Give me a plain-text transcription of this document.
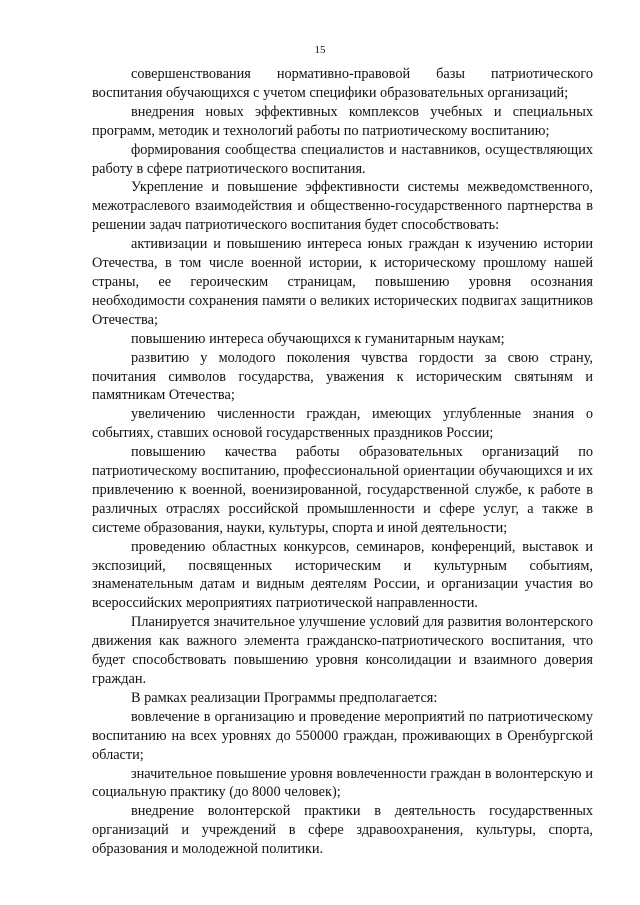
15

совершенствования нормативно-правовой базы патриотического воспитания обучающихся с учетом специфики образовательных организаций;

внедрения новых эффективных комплексов учебных и специальных программ, методик и технологий работы по патриотическому воспитанию;

формирования сообщества специалистов и наставников, осуществляющих работу в сфере патриотического воспитания.

Укрепление и повышение эффективности системы межведомственного, межотраслевого взаимодействия и общественно-государственного партнерства в решении задач патриотического воспитания будет способствовать:

активизации и повышению интереса юных граждан к изучению истории Отечества, в том числе военной истории, к историческому прошлому нашей страны, ее героическим страницам, повышению уровня осознания необходимости сохранения памяти о великих исторических подвигах защитников Отечества;

повышению интереса обучающихся к гуманитарным наукам;

развитию у молодого поколения чувства гордости за свою страну, почитания символов государства, уважения к историческим святыням и памятникам Отечества;

увеличению численности граждан, имеющих углубленные знания о событиях, ставших основой государственных праздников России;

повышению качества работы образовательных организаций по патриотическому воспитанию, профессиональной ориентации обучающихся и их привлечению к военной, военизированной, государственной службе, к работе в различных отраслях российской промышленности и сфере услуг, а также в системе образования, науки, культуры, спорта и иной деятельности;

проведению областных конкурсов, семинаров, конференций, выставок и экспозиций, посвященных историческим и культурным событиям, знаменательным датам и видным деятелям России, и организации участия во всероссийских мероприятиях патриотической направленности.

Планируется значительное улучшение условий для развития волонтерского движения как важного элемента гражданско-патриотического воспитания, что будет способствовать повышению уровня консолидации и взаимного доверия граждан.

В рамках реализации Программы предполагается:

вовлечение в организацию и проведение мероприятий по патриотическому воспитанию на всех уровнях до 550000 граждан, проживающих в Оренбургской области;

значительное повышение уровня вовлеченности граждан в волонтерскую и социальную практику (до 8000 человек);

внедрение волонтерской практики в деятельность государственных организаций и учреждений в сфере здравоохранения, культуры, спорта, образования и молодежной политики.
